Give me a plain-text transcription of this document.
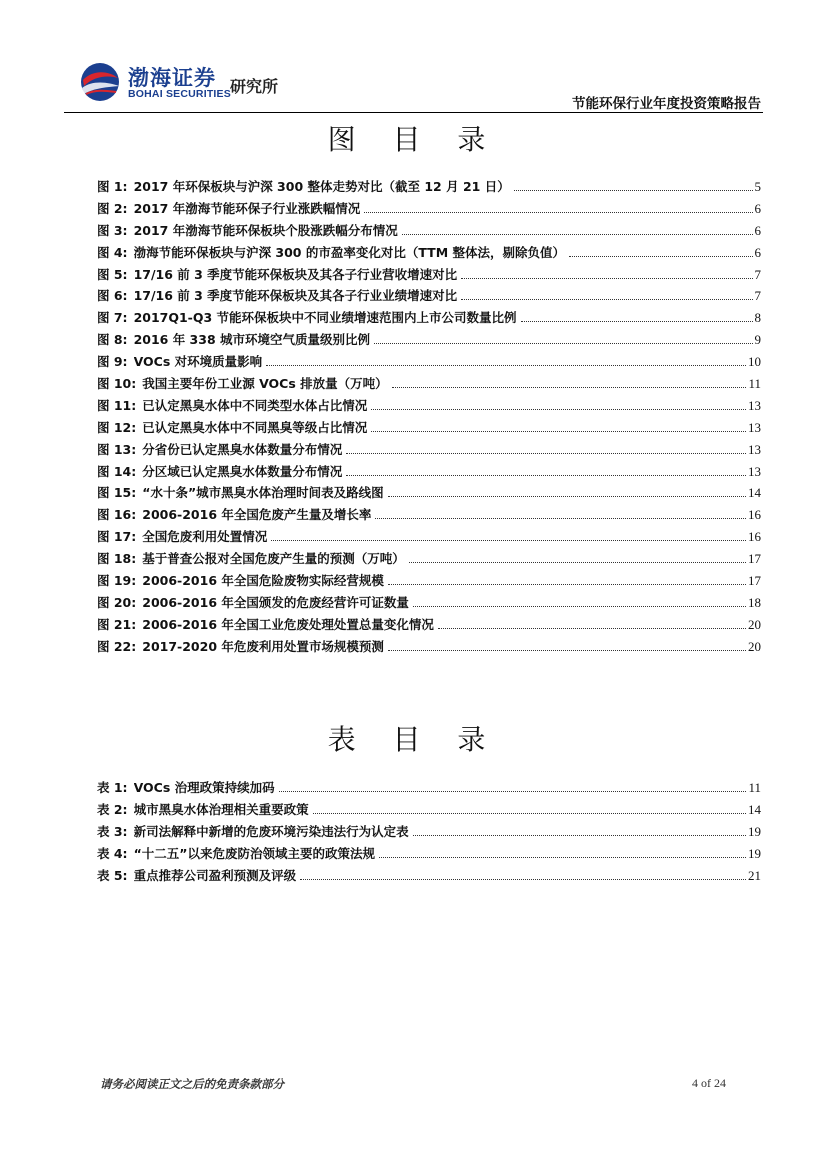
渤海证券
BOHAI SECURITIES 研究所
节能环保行业年度投资策略报告
图 目 录
图 1: 2017 年环保板块与沪深 300 整体走势对比（截至 12 月 21 日）	5
图 2: 2017 年渤海节能环保子行业涨跌幅情况	6
图 3: 2017 年渤海节能环保板块个股涨跌幅分布情况	6
图 4: 渤海节能环保板块与沪深 300 的市盈率变化对比（TTM 整体法，剔除负值）	6
图 5: 17/16 前 3 季度节能环保板块及其各子行业营收增速对比	7
图 6: 17/16 前 3 季度节能环保板块及其各子行业业绩增速对比	7
图 7: 2017Q1-Q3 节能环保板块中不同业绩增速范围内上市公司数量比例	8
图 8: 2016 年 338 城市环境空气质量级别比例	9
图 9: VOCs 对环境质量影响	10
图 10: 我国主要年份工业源 VOCs 排放量（万吨）	11
图 11: 已认定黑臭水体中不同类型水体占比情况	13
图 12: 已认定黑臭水体中不同黑臭等级占比情况	13
图 13: 分省份已认定黑臭水体数量分布情况	13
图 14: 分区域已认定黑臭水体数量分布情况	13
图 15: “水十条”城市黑臭水体治理时间表及路线图	14
图 16: 2006-2016 年全国危废产生量及增长率	16
图 17: 全国危废利用处置情况	16
图 18: 基于普查公报对全国危废产生量的预测（万吨）	17
图 19: 2006-2016 年全国危险废物实际经营规模	17
图 20: 2006-2016 年全国颁发的危废经营许可证数量	18
图 21: 2006-2016 年全国工业危废处理处置总量变化情况	20
图 22: 2017-2020 年危废利用处置市场规模预测	20
表 目 录
表 1: VOCs 治理政策持续加码	11
表 2: 城市黑臭水体治理相关重要政策	14
表 3: 新司法解释中新增的危废环境污染违法行为认定表	19
表 4: “十二五”以来危废防治领域主要的政策法规	19
表 5: 重点推荐公司盈利预测及评级	21
请务必阅读正文之后的免责条款部分	4 of 24
